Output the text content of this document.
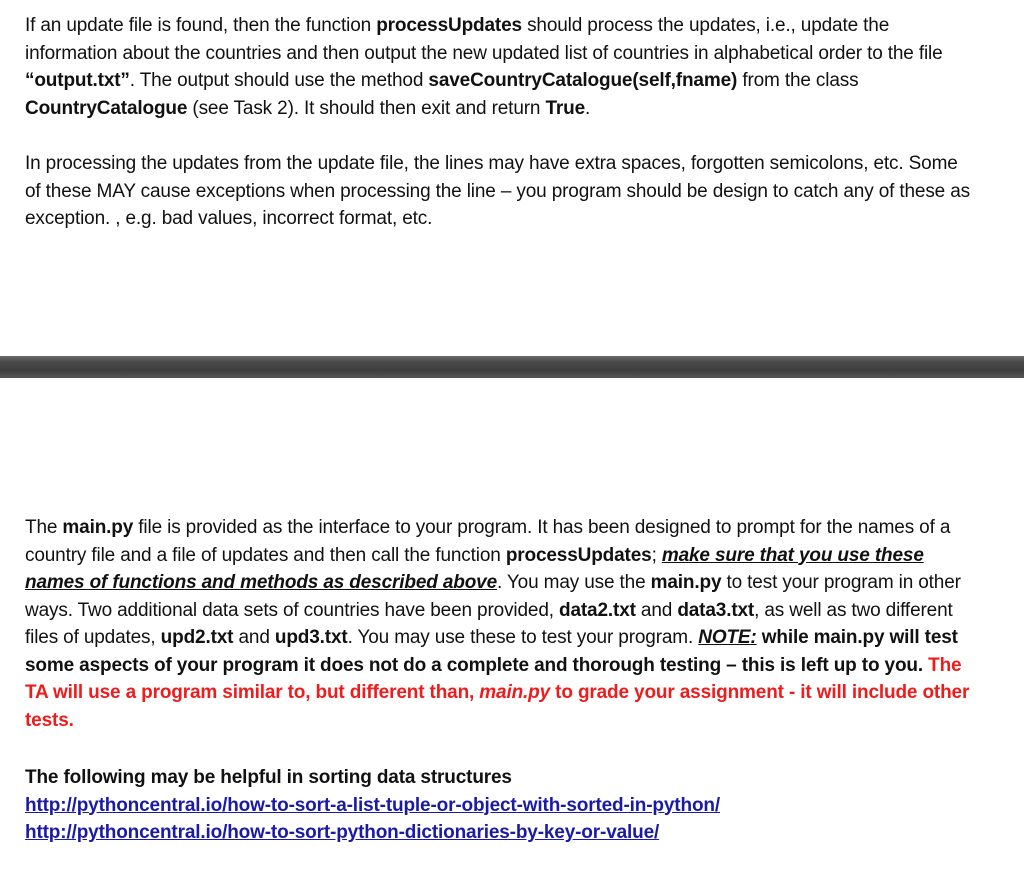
If an update file is found, then the function processUpdates should process the updates, i.e., update the information about the countries and then output the new updated list of countries in alphabetical order to the file “output.txt”. The output should use the method saveCountryCatalogue(self,fname) from the class CountryCatalogue (see Task 2). It should then exit and return True.

In processing the updates from the update file, the lines may have extra spaces, forgotten semicolons, etc. Some of these MAY cause exceptions when processing the line – you program should be design to catch any of these as exception. , e.g. bad values, incorrect format, etc.

The main.py file is provided as the interface to your program. It has been designed to prompt for the names of a country file and a file of updates and then call the function processUpdates; make sure that you use these names of functions and methods as described above. You may use the main.py to test your program in other ways. Two additional data sets of countries have been provided, data2.txt and data3.txt, as well as two different files of updates, upd2.txt and upd3.txt. You may use these to test your program. NOTE: while main.py will test some aspects of your program it does not do a complete and thorough testing – this is left up to you. The TA will use a program similar to, but different than, main.py to grade your assignment - it will include other tests.

The following may be helpful in sorting data structures

http://pythoncentral.io/how-to-sort-a-list-tuple-or-object-with-sorted-in-python/

http://pythoncentral.io/how-to-sort-python-dictionaries-by-key-or-value/
